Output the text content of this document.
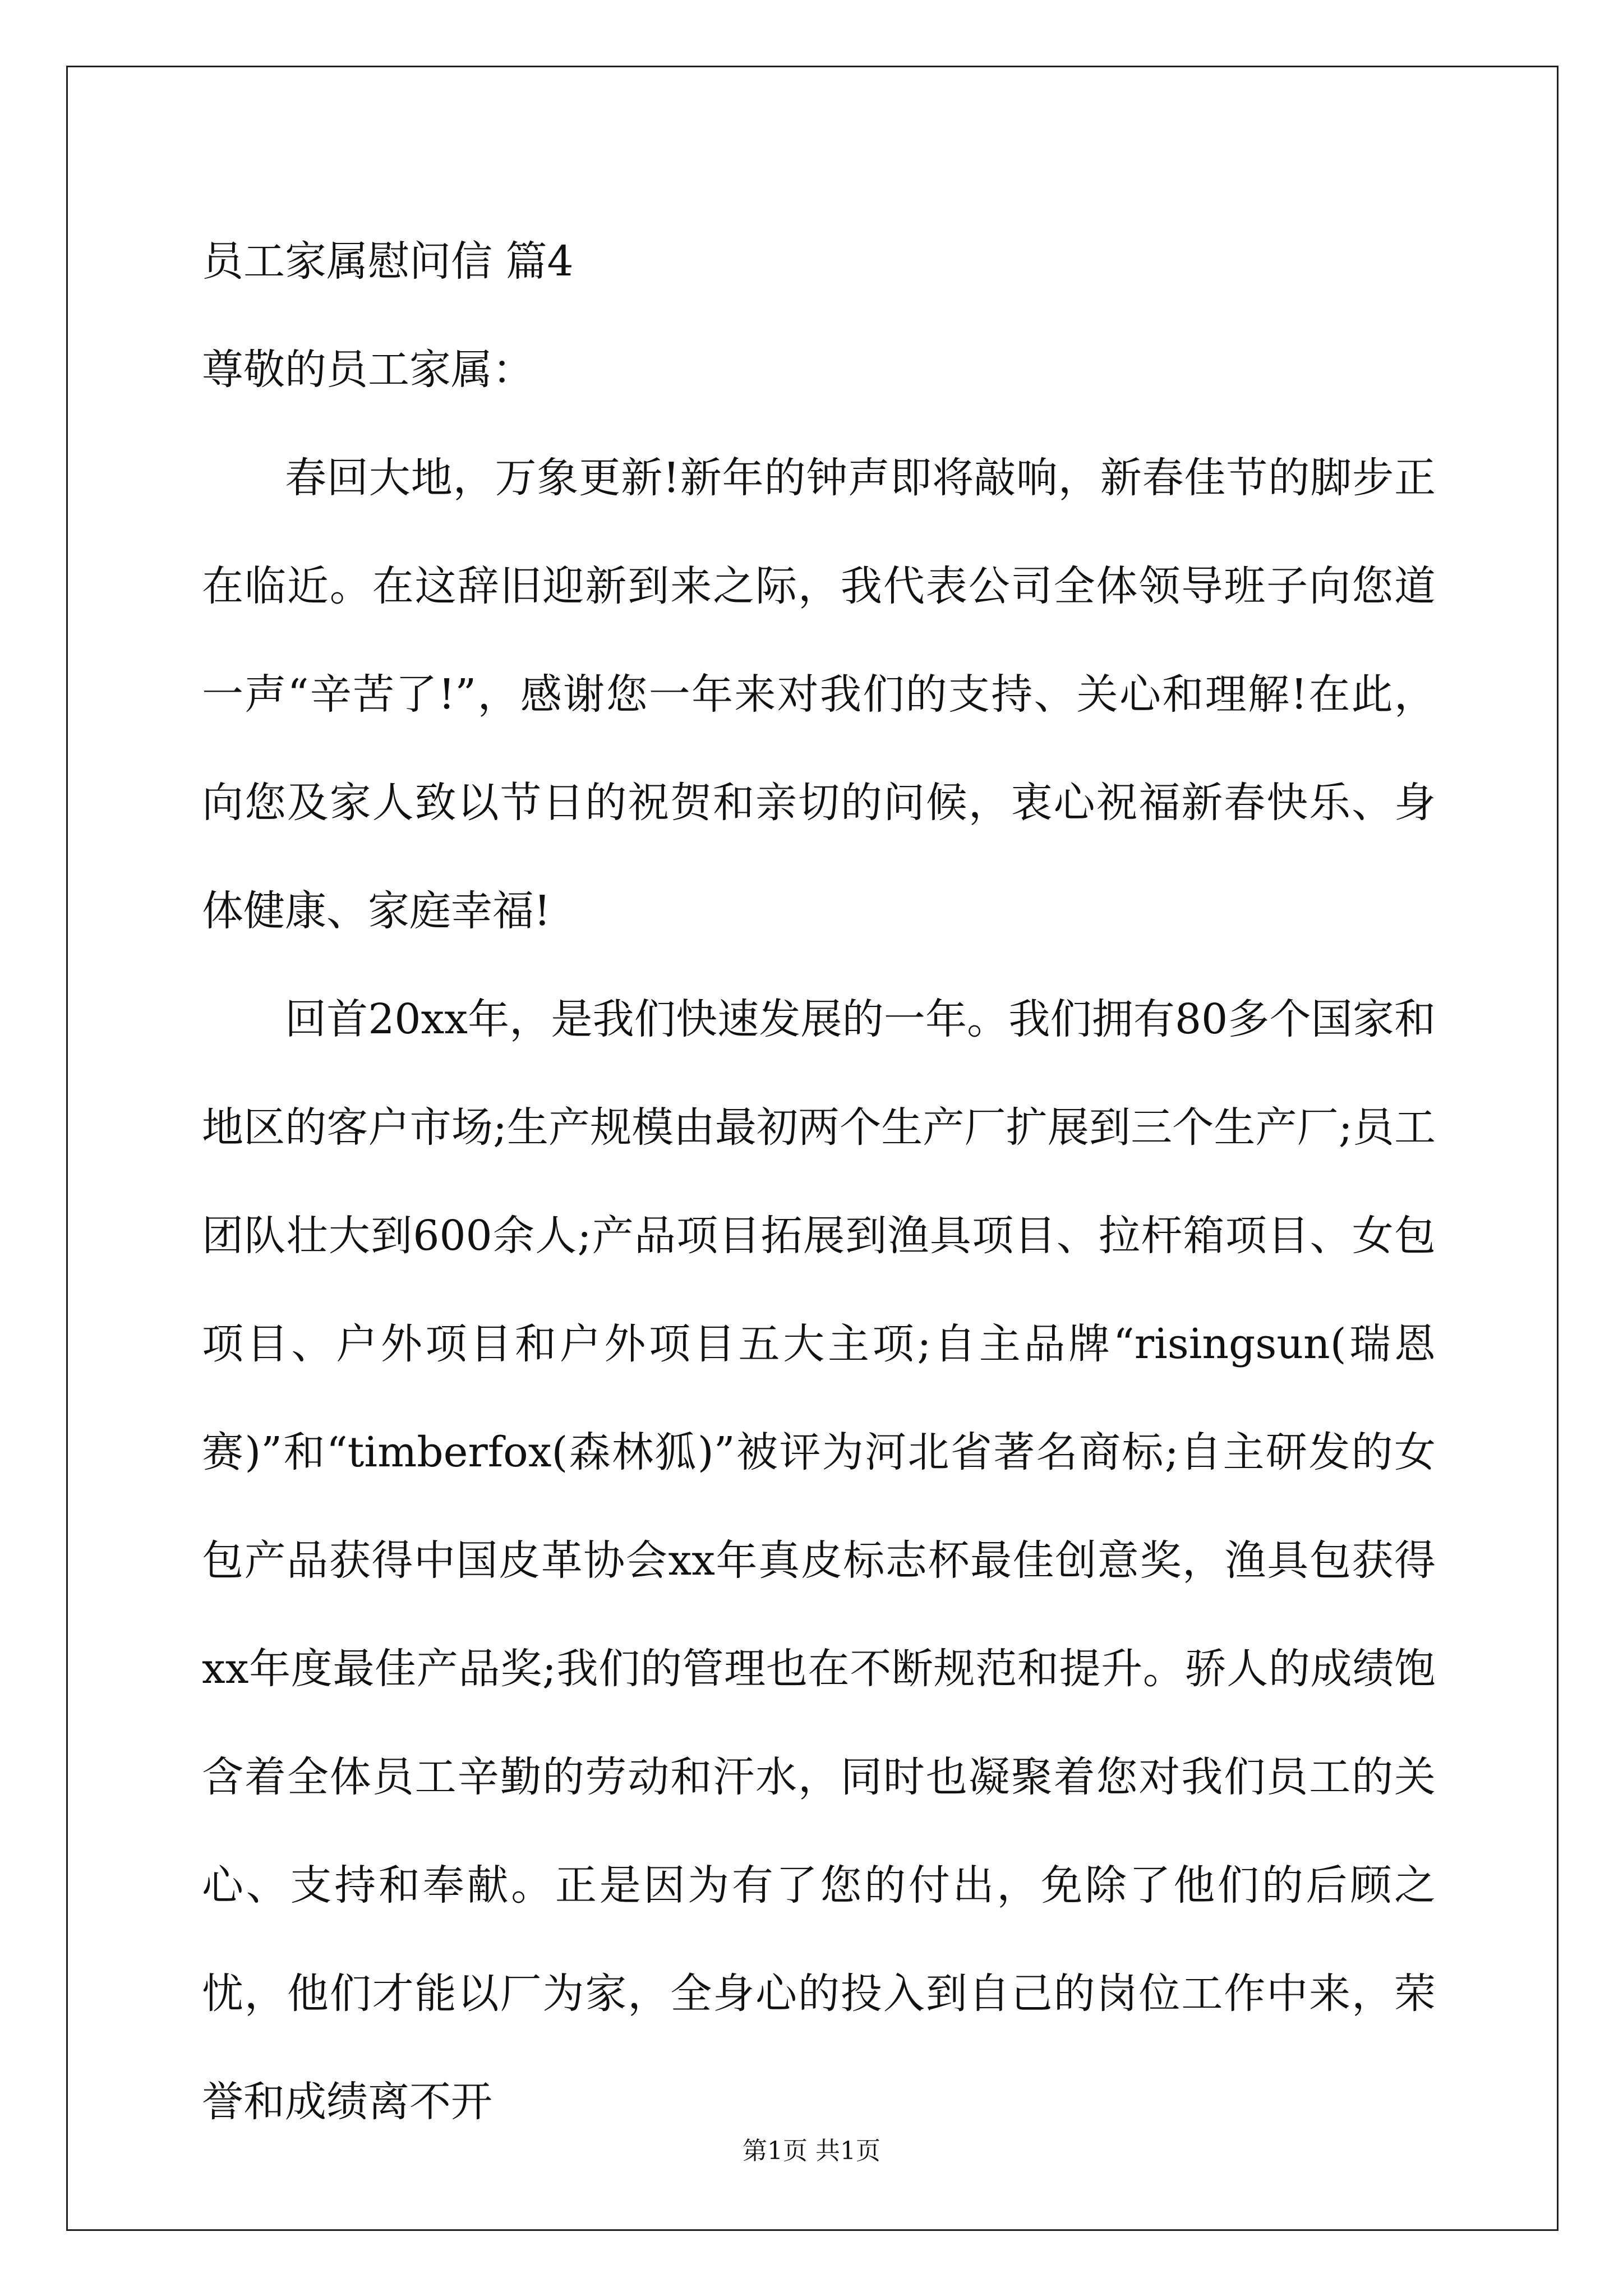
员工家属慰问信 篇4
尊敬的员工家属：

春回大地，万象更新!新年的钟声即将敲响，新春佳节的脚步正在临近。在这辞旧迎新到来之际，我代表公司全体领导班子向您道一声“辛苦了!”，感谢您一年来对我们的支持、关心和理解!在此，向您及家人致以节日的祝贺和亲切的问候，衷心祝福新春快乐、身体健康、家庭幸福!

回首20xx年，是我们快速发展的一年。我们拥有80多个国家和地区的客户市场;生产规模由最初两个生产厂扩展到三个生产厂;员工团队壮大到600余人;产品项目拓展到渔具项目、拉杆箱项目、女包项目、户外项目和户外项目五大主项;自主品牌“risingsun(瑞恩赛)”和“timberfox(森林狐)”被评为河北省著名商标;自主研发的女包产品获得中国皮革协会xx年真皮标志杯最佳创意奖，渔具包获得xx年度最佳产品奖;我们的管理也在不断规范和提升。骄人的成绩饱含着全体员工辛勤的劳动和汗水，同时也凝聚着您对我们员工的关心、支持和奉献。正是因为有了您的付出，免除了他们的后顾之忧，他们才能以厂为家，全身心的投入到自己的岗位工作中来，荣誉和成绩离不开

第1页 共1页
